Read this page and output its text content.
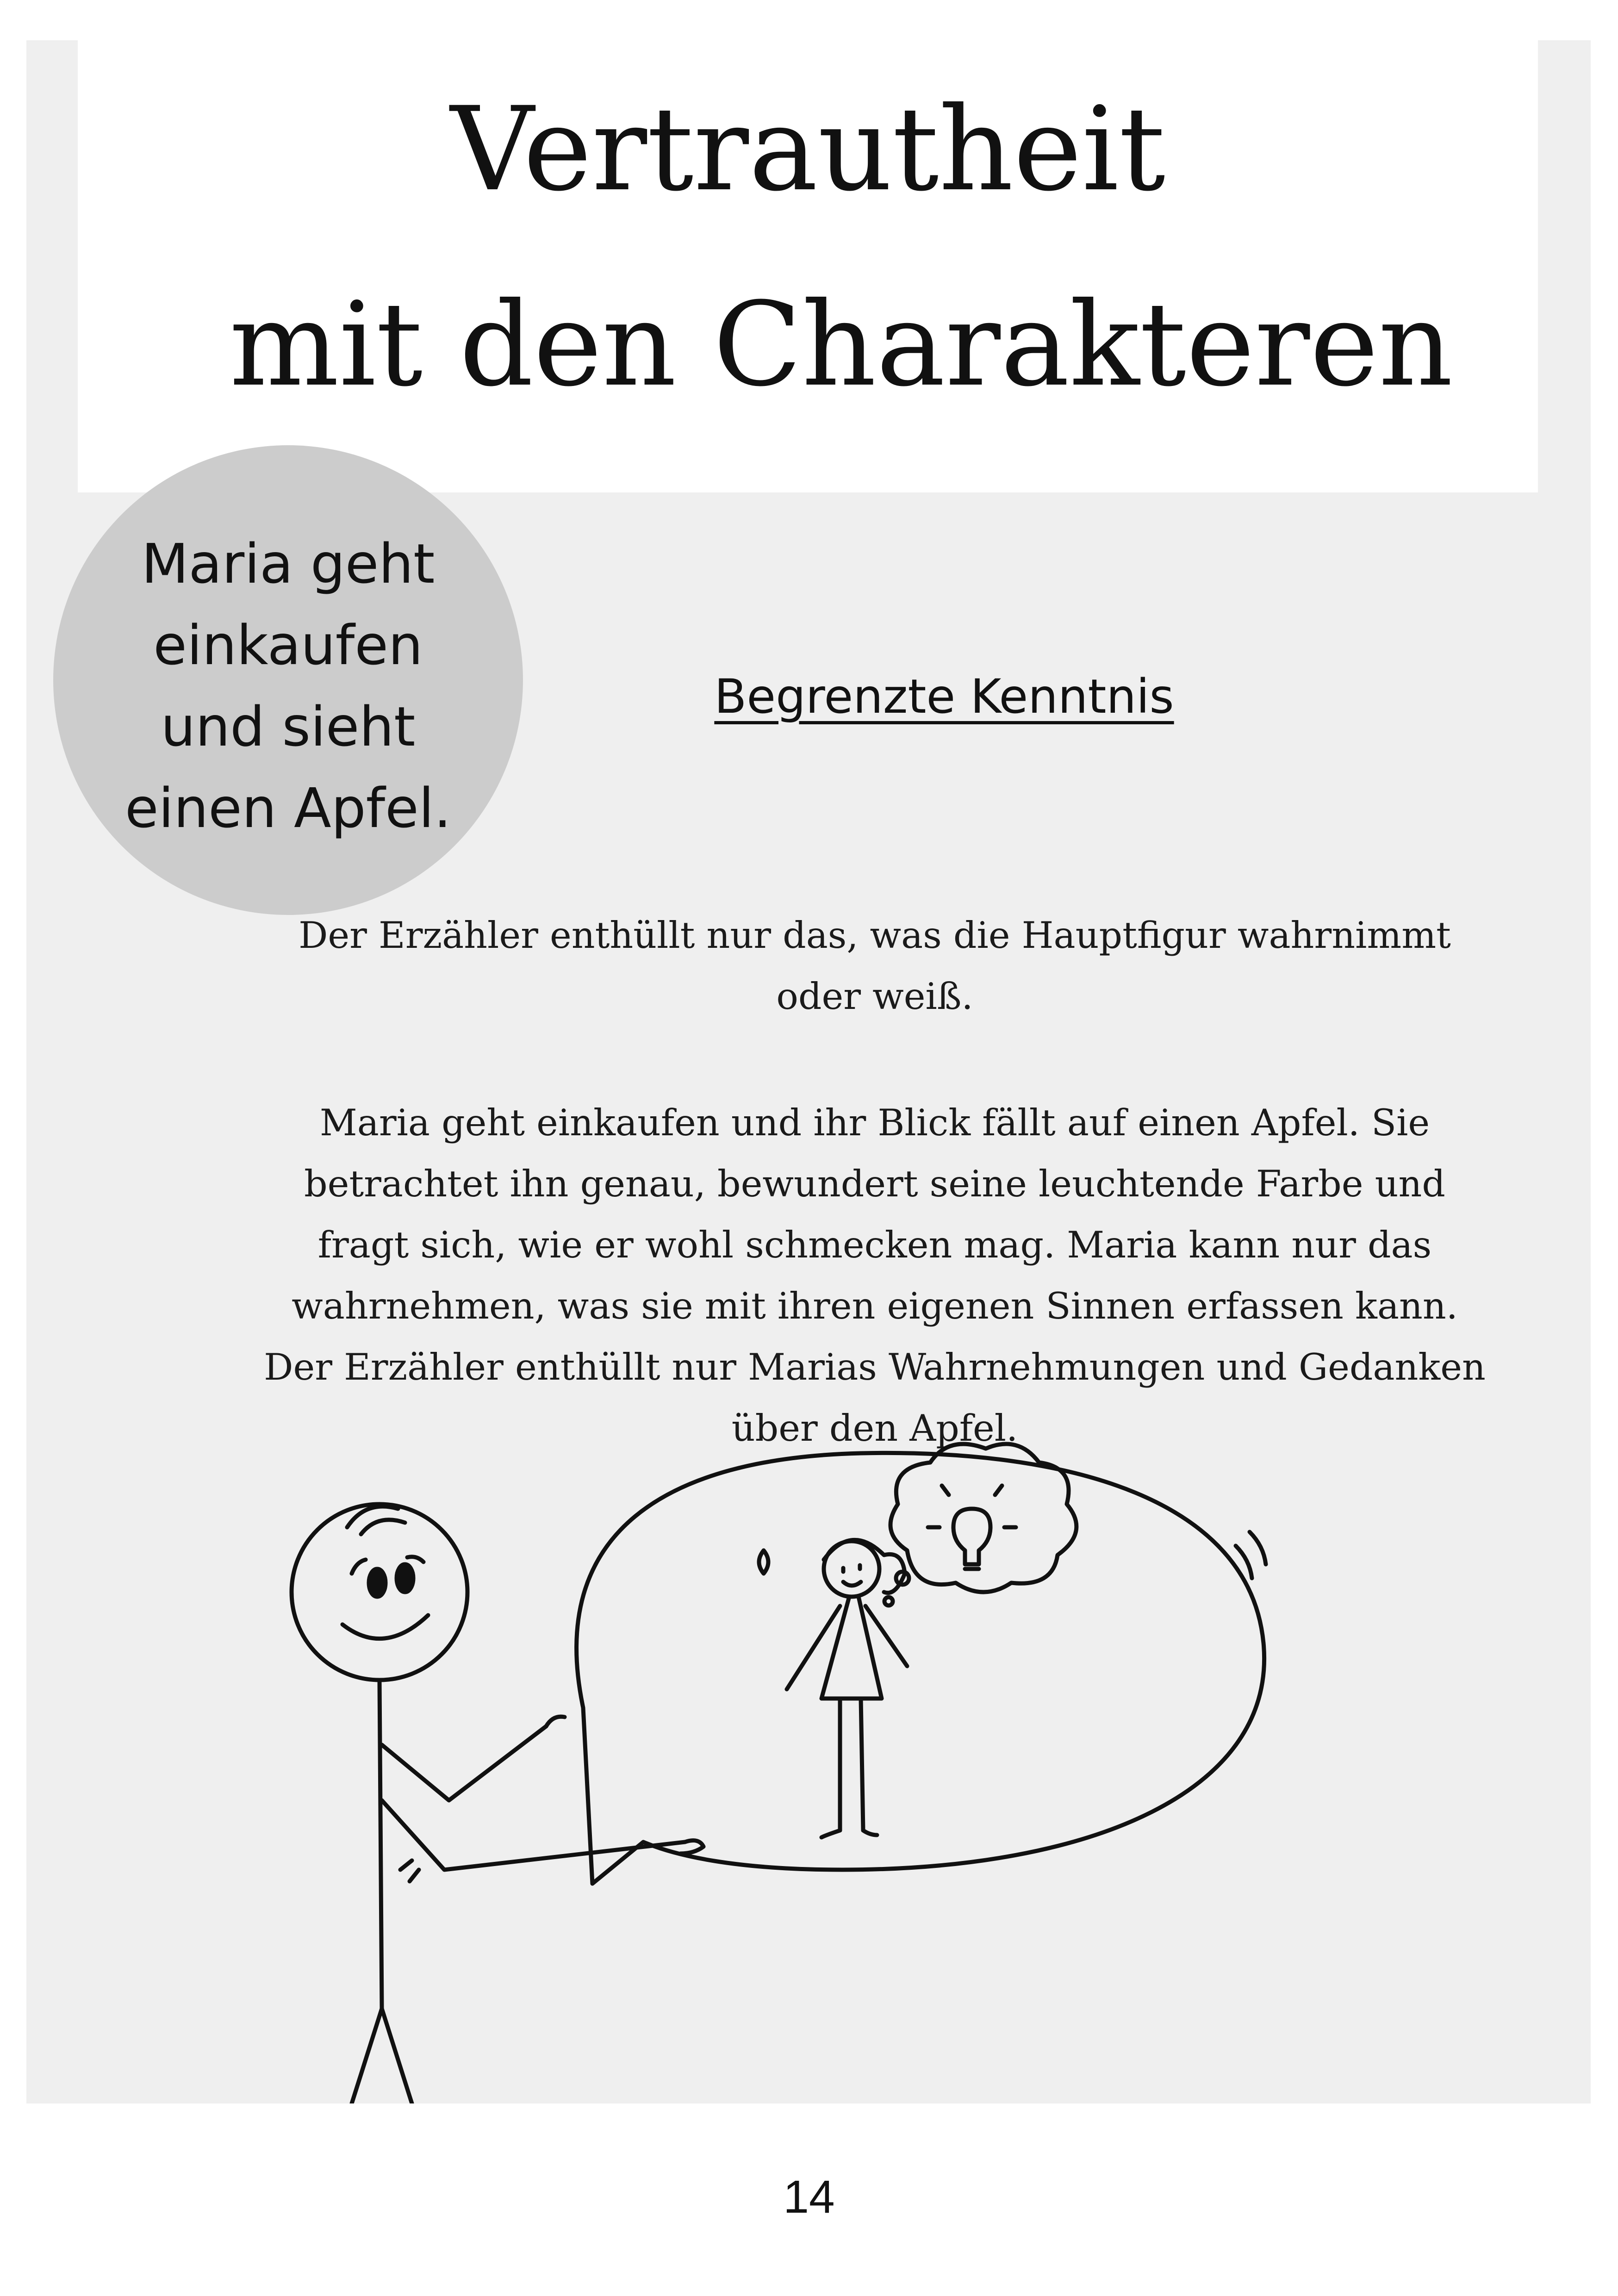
Vertrautheit
mit den Charakteren
Maria geht einkaufen und sieht einen Apfel.
Begrenzte Kenntnis

Der Erzähler enthüllt nur das, was die Hauptfigur wahrnimmt oder weiß.

Maria geht einkaufen und ihr Blick fällt auf einen Apfel. Sie betrachtet ihn genau, bewundert seine leuchtende Farbe und fragt sich, wie er wohl schmecken mag. Maria kann nur das wahrnehmen, was sie mit ihren eigenen Sinnen erfassen kann. Der Erzähler enthüllt nur Marias Wahrnehmungen und Gedanken über den Apfel.

14
